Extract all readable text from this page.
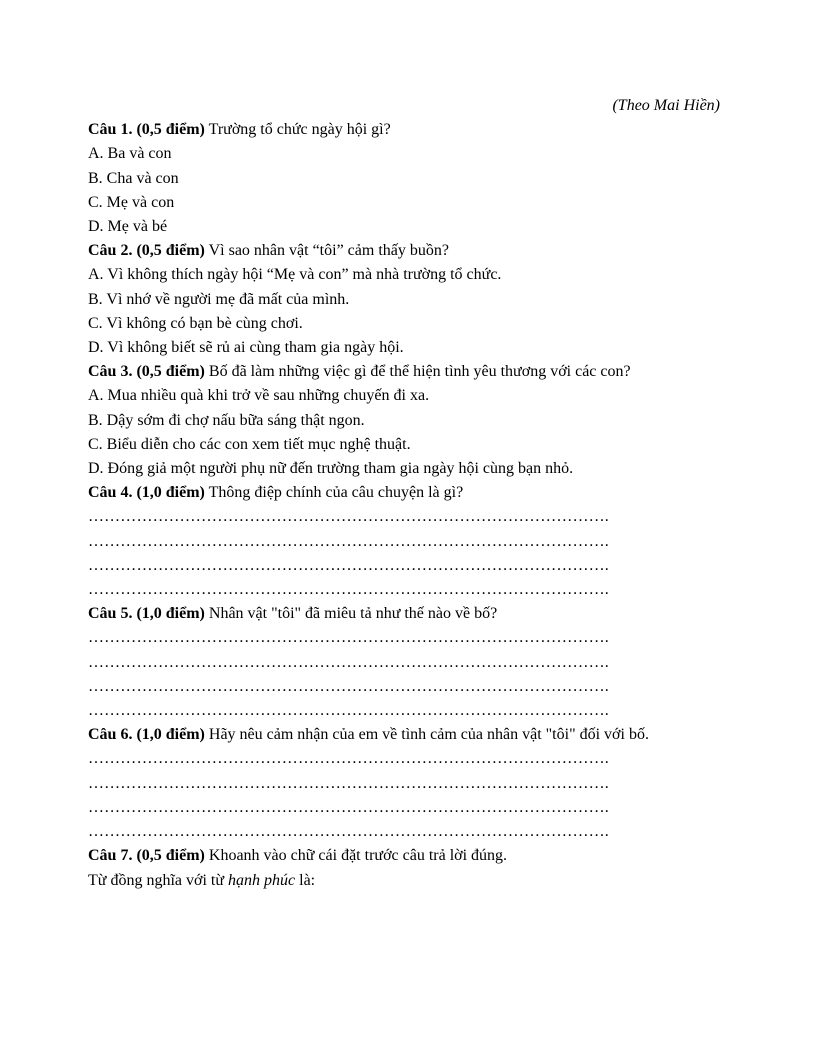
(Theo Mai Hiền)
Câu 1. (0,5 điểm) Trường tổ chức ngày hội gì?
A. Ba và con
B. Cha và con
C. Mẹ và con
D. Mẹ và bé
Câu 2. (0,5 điểm) Vì sao nhân vật “tôi” cảm thấy buồn?
A. Vì không thích ngày hội “Mẹ và con” mà nhà trường tổ chức.
B. Vì nhớ về người mẹ đã mất của mình.
C. Vì không có bạn bè cùng chơi.
D. Vì không biết sẽ rủ ai cùng tham gia ngày hội.
Câu 3. (0,5 điểm) Bố đã làm những việc gì để thể hiện tình yêu thương với các con?
A. Mua nhiều quà khi trở về sau những chuyến đi xa.
B. Dậy sớm đi chợ nấu bữa sáng thật ngon.
C. Biểu diễn cho các con xem tiết mục nghệ thuật.
D. Đóng giả một người phụ nữ đến trường tham gia ngày hội cùng bạn nhỏ.
Câu 4. (1,0 điểm) Thông điệp chính của câu chuyện là gì?
…………………………………………………………………………………….
…………………………………………………………………………………….
…………………………………………………………………………………….
…………………………………………………………………………………….
Câu 5. (1,0 điểm) Nhân vật "tôi" đã miêu tả như thế nào về bố?
…………………………………………………………………………………….
…………………………………………………………………………………….
…………………………………………………………………………………….
…………………………………………………………………………………….
Câu 6. (1,0 điểm) Hãy nêu cảm nhận của em về tình cảm của nhân vật "tôi" đối với bố.
…………………………………………………………………………………….
…………………………………………………………………………………….
…………………………………………………………………………………….
…………………………………………………………………………………….
Câu 7. (0,5 điểm) Khoanh vào chữ cái đặt trước câu trả lời đúng.
Từ đồng nghĩa với từ hạnh phúc là:
